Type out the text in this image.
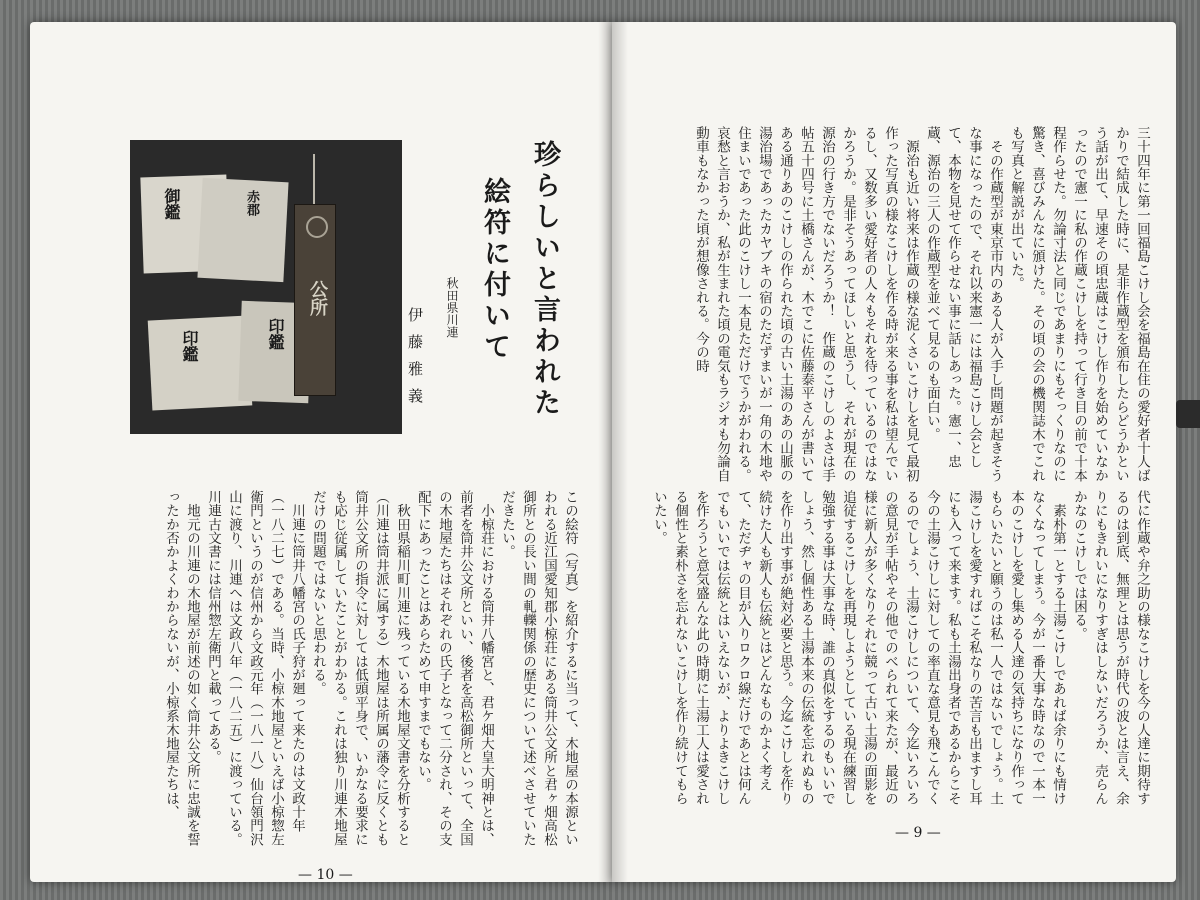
御鑑	赤郡
印鑑	印鑑
公所	珍らしいと言われた
絵符に付いて
秋田県川連
伊藤雅義
この絵符（写真）を紹介するに当って、木地屋の本源といわれる近江国愛知郡小椋荘にある筒井公文所と君ヶ畑高松御所との長い間の軋轢関係の歴史について述べさせていただきたい。
　小椋荘における筒井八幡宮と、君ケ畑大皇大明神とは、前者を筒井公文所といい、後者を高松御所といって、全国の木地屋たちはそれぞれの氏子となって二分され、その支配下にあったことはあらためて申すまでもない。
　秋田県稲川町川連に残っている木地屋文書を分析すると（川連は筒井派に属する）木地屋は所属の藩令に反くとも筒井公文所の指令に対しては低頭平身で、いかなる要求にも応じ従属していたことがわかる。これは独り川連木地屋だけの問題ではないと思われる。
　川連に筒井八幡宮の氏子狩が廻って来たのは文政十年（一八二七）である。当時、小椋木地屋といえば小椋惣左衛門というのが信州から文政元年（一八一八）仙台領門沢山に渡り、川連へは文政八年（一八二五）に渡っている。川連古文書には信州惣左衛門と載ってある。
　地元の川連の木地屋が前述の如く筒井公文所に忠誠を誓ったか否かよくわからないが、小椋系木地屋たちは、
— 10 —
三十四年に第一回福島こけし会を福島在住の愛好者十人ばかりで結成した時に、是非作蔵型を頒布したらどうかという話が出て、早速その頃忠蔵はこけし作りを始めていなかったので憲一に私の作蔵こけしを持って行き目の前で十本程作らせた。勿論寸法と同じであまりにもそっくりなのに驚き、喜びみんなに頒けた。その頃の会の機関誌木でこれも写真と解説が出ていた。
　その作蔵型が東京市内のある人が入手し問題が起きそうな事になったので、それ以来憲一には福島こけし会として、本物を見せて作らせない事に話しあった。憲一、忠蔵、源治の三人の作蔵型を並べて見るのも面白い。
　源治も近い将来は作蔵の様な泥くさいこけしを見て最初作った写真の様なこけしを作る時が来る事を私は望んでいるし、又数多い愛好者の人々もそれを待っているのではなかろうか。是非そうあってほしいと思うし、それが現在の源治の行き方でないだろうか！　作蔵のこけしのよさは手帖五十四号に土橋さんが、木でこに佐藤泰平さんが書いてある通りあのこけしの作られた頃の古い土湯のあの山脈の湯治場であったカヤブキの宿のただずまいが一角の木地や住まいであった此のこけし一本見ただけでうかがわれる。哀愁と言おうか、私が生まれた頃の電気もラジオも勿論自動車もなかった頃が想像される。今の時
代に作蔵や弁之助の様なこけしを今の人達に期待するのは到底、無理とは思うが時代の波とは言え、余りにもきれいになりすぎはしないだろうか、売らんかなのこけしでは困る。
　素朴第一とする土湯こけしであれば余りにも情けなくなってしまう。今が一番大事な時なので一本一本のこけしを愛し集める人達の気持ちになり作ってもらいたいと願うのは私一人ではないでしょう。土湯こけしを愛すればこそ私なりの苦言も出ますし耳にも入って来ます。私も土湯出身者であるからこそ今の土湯こけしに対しての率直な意見も飛こんでくるのでしょう、土湯こけしについて、今迄いろいろの意見が手帖やその他でのべられて来たが、最近の様に新人が多くなりそれに競って古い土湯の面影を追従するこけしを再現しようとしている現在練習し勉強する事は大事な時、誰の真似をするのもいいでしょう、然し個性ある土湯本来の伝統を忘れぬものを作り出す事が絶対必要と思う。今迄こけしを作り続けた人も新人も伝統とはどんなものかよく考えて、ただヂャの目が入りロクロ線だけであとは何んでもいいでは伝統とはいえないが、よりよきこけしを作ろうと意気盛んな此の時期に土湯工人は愛される個性と素朴さを忘れないこけしを作り続けてもらいたい。
— 9 —
